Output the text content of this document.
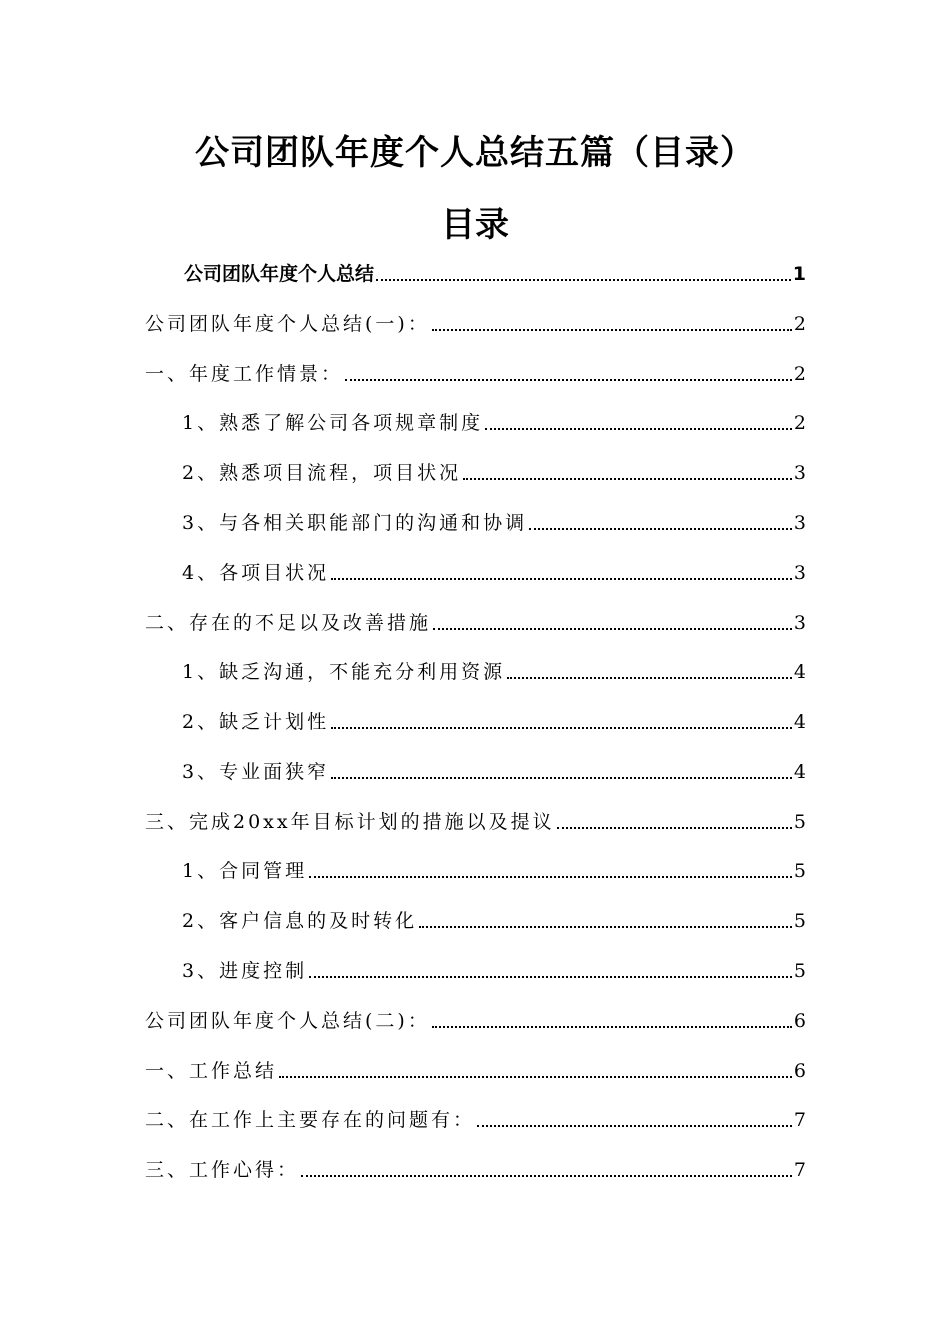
公司团队年度个人总结五篇（目录）
目录
公司团队年度个人总结	1
公司团队年度个人总结(一)：	2
一、年度工作情景：	2
1、熟悉了解公司各项规章制度	2
2、熟悉项目流程，项目状况	3
3、与各相关职能部门的沟通和协调	3
4、各项目状况	3
二、存在的不足以及改善措施	3
1、缺乏沟通，不能充分利用资源	4
2、缺乏计划性	4
3、专业面狭窄	4
三、完成20xx年目标计划的措施以及提议	5
1、合同管理	5
2、客户信息的及时转化	5
3、进度控制	5
公司团队年度个人总结(二)：	6
一、工作总结	6
二、在工作上主要存在的问题有：	7
三、工作心得：	7
